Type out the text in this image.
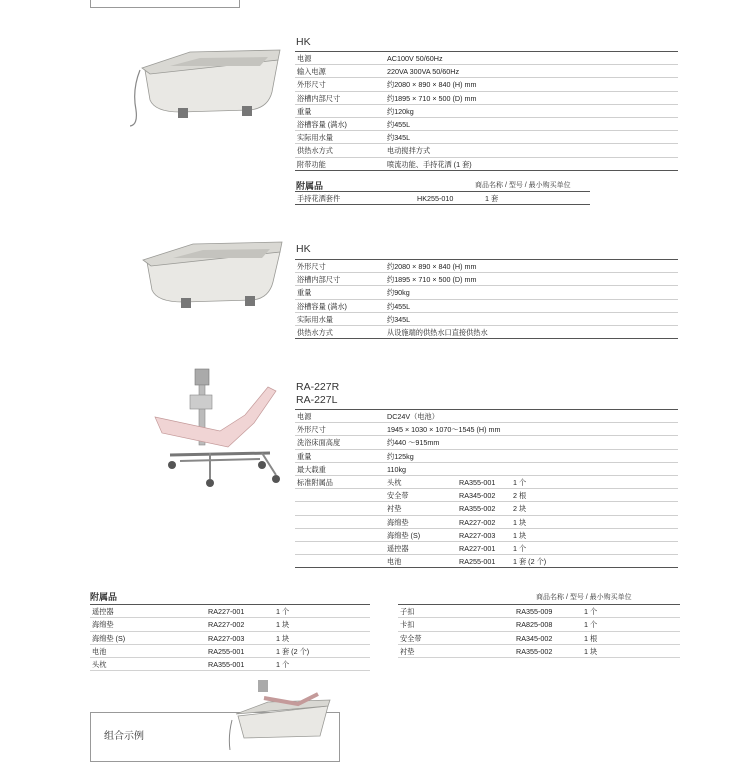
HK
电源	AC100V 50/60Hz
输入电源	220VA 300VA 50/60Hz
外形尺寸	约2080 × 890 × 840 (H) mm
浴槽内部尺寸	约1895 × 710 × 500 (D) mm
重量	约120kg
浴槽容量 (满水)	约455L
实际用水量	约345L
供热水方式	电动搅拌方式
附带功能	喷流功能、手持花洒 (1 套)
附属品	商品名称 / 型号 / 最小购买单位
手持花洒套件	HK255-010	1 套
HK
外形尺寸	约2080 × 890 × 840 (H) mm
浴槽内部尺寸	约1895 × 710 × 500 (D) mm
重量	约90kg
浴槽容量 (满水)	约455L
实际用水量	约345L
供热水方式	从设施端的供热水口直接供热水
RA-227R
RA-227L
电源	DC24V（电池）
外形尺寸	1945 × 1030 × 1070～1545 (H) mm
洗浴床面高度	约440 ～915mm
重量	约125kg
最大载重	110kg
标准附属品	头枕	RA355-001 1 个
安全带	RA345-002 2 根
衬垫	RA355-002 2 块
海绵垫	RA227-002 1 块
海绵垫 (S)	RA227-003 1 块
遥控器	RA227-001 1 个
电池	RA255-001 1 套 (2 个)
附属品	商品名称 / 型号 / 最小购买单位
遥控器	RA227-001	1 个
海绵垫	RA227-002	1 块
海绵垫 (S)	RA227-003	1 块
电池	RA255-001	1 套 (2 个)
头枕	RA355-001	1 个
子扣	RA355-009	1 个
卡扣	RA825-008	1 个
安全带	RA345-002	1 根
衬垫	RA355-002	1 块
组合示例
